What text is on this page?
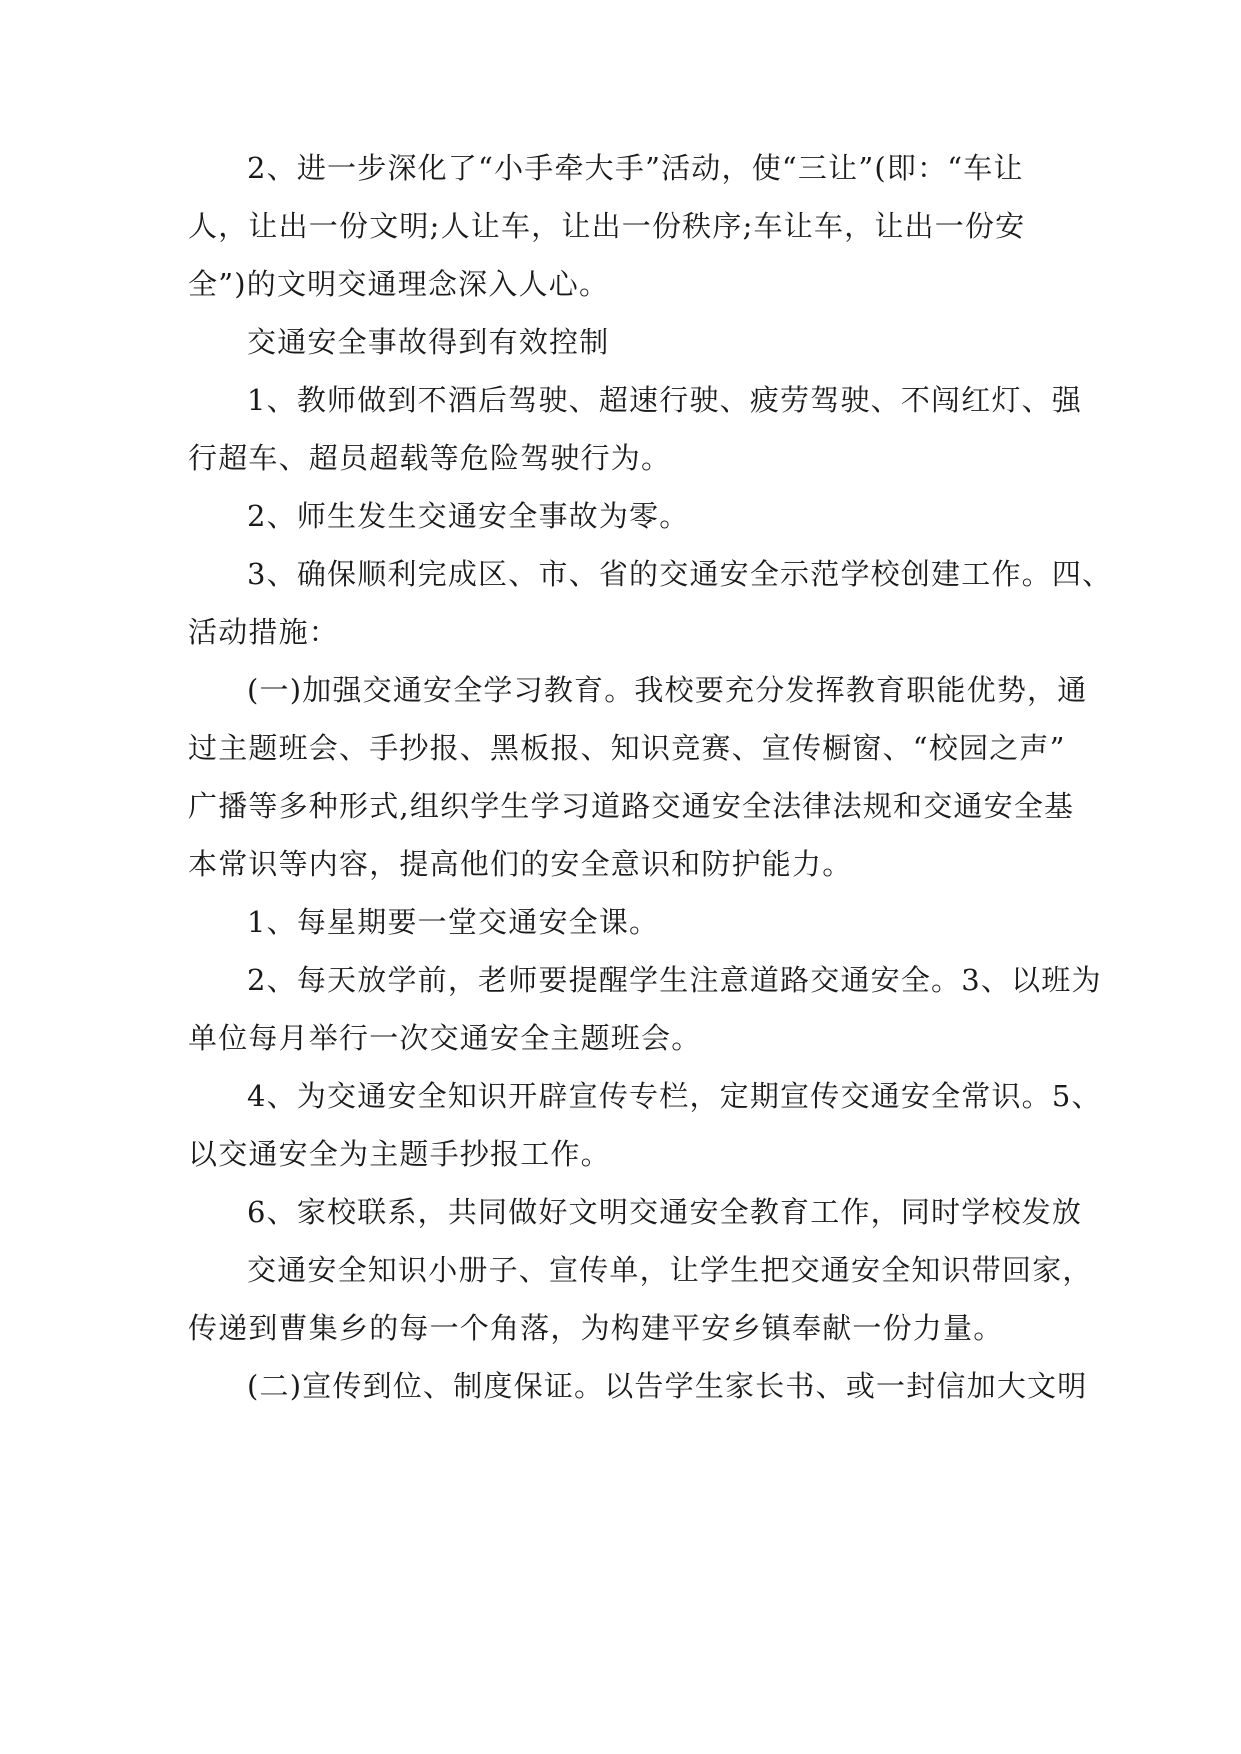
2、进一步深化了“小手牵大手”活动，使“三让”(即：“车让
人，让出一份文明;人让车，让出一份秩序;车让车，让出一份安
全”)的文明交通理念深入人心。
交通安全事故得到有效控制
1、教师做到不酒后驾驶、超速行驶、疲劳驾驶、不闯红灯、强
行超车、超员超载等危险驾驶行为。
2、师生发生交通安全事故为零。
3、确保顺利完成区、市、省的交通安全示范学校创建工作。四、
活动措施：
(一)加强交通安全学习教育。我校要充分发挥教育职能优势，通
过主题班会、手抄报、黑板报、知识竞赛、宣传橱窗、“校园之声”
广播等多种形式,组织学生学习道路交通安全法律法规和交通安全基
本常识等内容，提高他们的安全意识和防护能力。
1、每星期要一堂交通安全课。
2、每天放学前，老师要提醒学生注意道路交通安全。3、以班为
单位每月举行一次交通安全主题班会。
4、为交通安全知识开辟宣传专栏，定期宣传交通安全常识。5、
以交通安全为主题手抄报工作。
6、家校联系，共同做好文明交通安全教育工作，同时学校发放
交通安全知识小册子、宣传单，让学生把交通安全知识带回家，
传递到曹集乡的每一个角落，为构建平安乡镇奉献一份力量。
(二)宣传到位、制度保证。以告学生家长书、或一封信加大文明
